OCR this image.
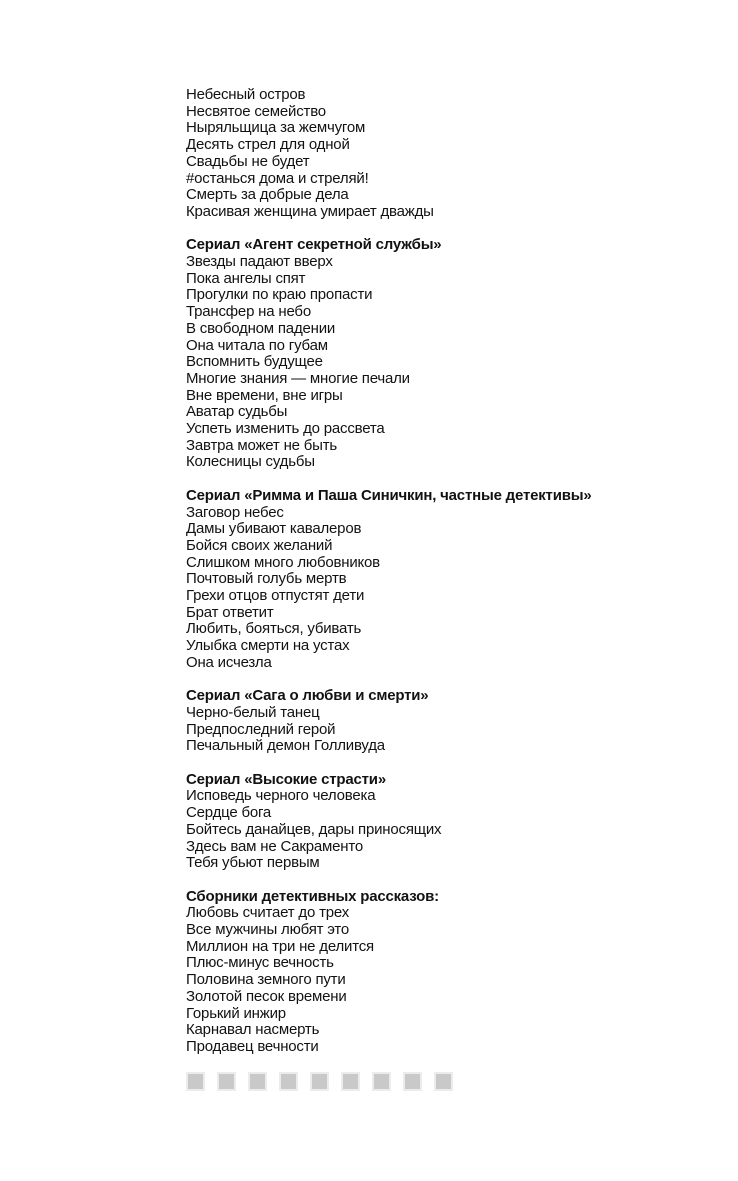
Небесный остров
Несвятое семейство
Ныряльщица за жемчугом
Десять стрел для одной
Свадьбы не будет
#останься дома и стреляй!
Смерть за добрые дела
Красивая женщина умирает дважды
Сериал «Агент секретной службы»
Звезды падают вверх
Пока ангелы спят
Прогулки по краю пропасти
Трансфер на небо
В свободном падении
Она читала по губам
Вспомнить будущее
Многие знания — многие печали
Вне времени, вне игры
Аватар судьбы
Успеть изменить до рассвета
Завтра может не быть
Колесницы судьбы
Сериал «Римма и Паша Синичкин, частные детективы»
Заговор небес
Дамы убивают кавалеров
Бойся своих желаний
Слишком много любовников
Почтовый голубь мертв
Грехи отцов отпустят дети
Брат ответит
Любить, бояться, убивать
Улыбка смерти на устах
Она исчезла
Сериал «Сага о любви и смерти»
Черно-белый танец
Предпоследний герой
Печальный демон Голливуда
Сериал «Высокие страсти»
Исповедь черного человека
Сердце бога
Бойтесь данайцев, дары приносящих
Здесь вам не Сакраменто
Тебя убьют первым
Сборники детективных рассказов:
Любовь считает до трех
Все мужчины любят это
Миллион на три не делится
Плюс-минус вечность
Половина земного пути
Золотой песок времени
Горький инжир
Карнавал насмерть
Продавец вечности
